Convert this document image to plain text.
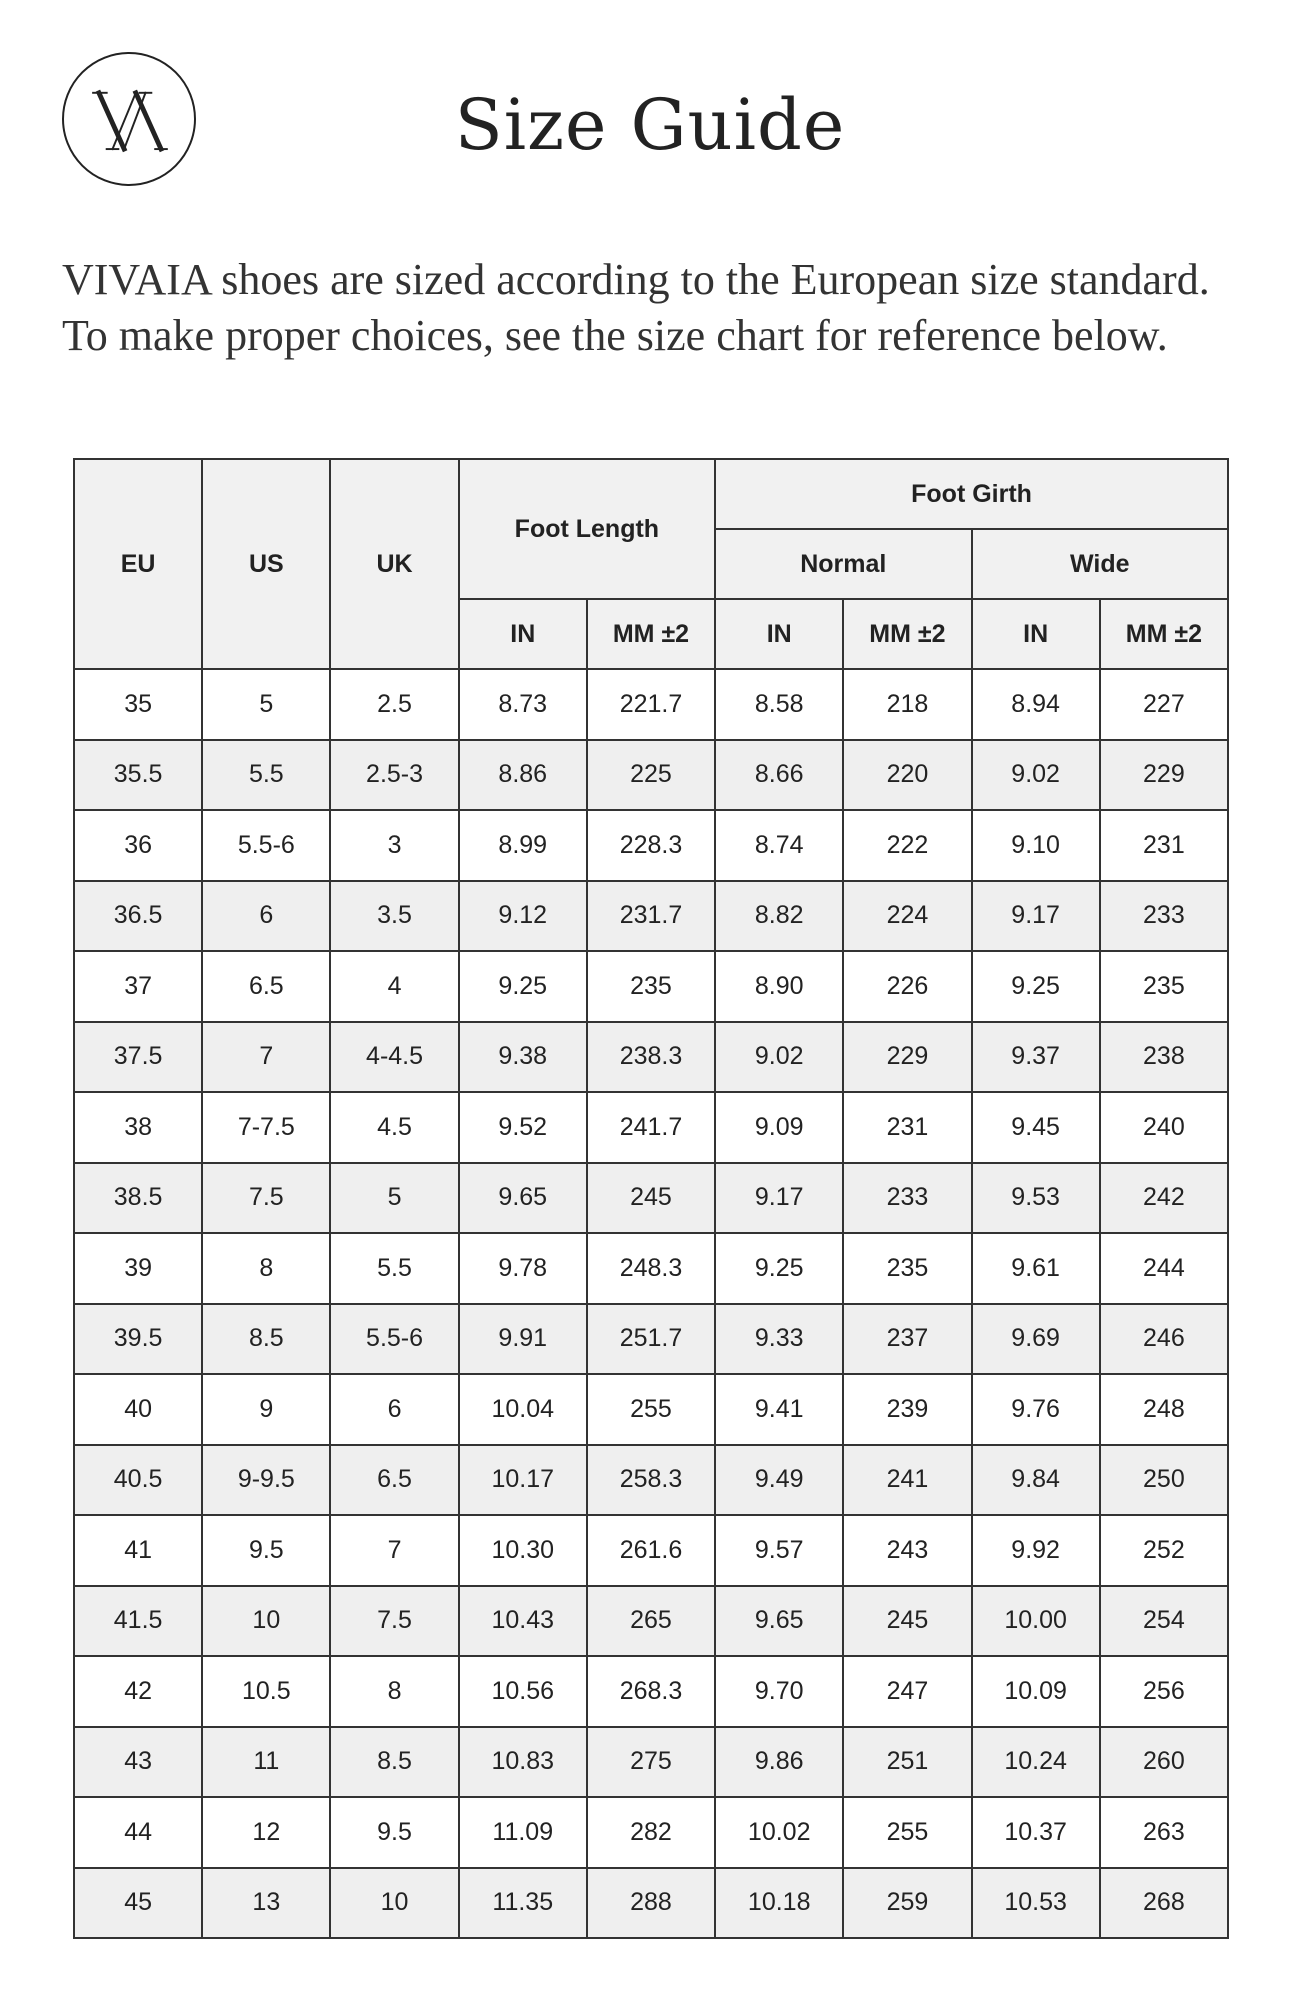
Size Guide

VIVAIA shoes are sized according to the European size standard.

To make proper choices, see the size chart for reference below.

EU	US	UK	Foot Length		Foot Girth			
					Normal		Wide	
			IN	MM ±2	IN	MM ±2	IN	MM ±2
35	5	2.5	8.73	221.7	8.58	218	8.94	227
35.5	5.5	2.5-3	8.86	225	8.66	220	9.02	229
36	5.5-6	3	8.99	228.3	8.74	222	9.10	231
36.5	6	3.5	9.12	231.7	8.82	224	9.17	233
37	6.5	4	9.25	235	8.90	226	9.25	235
37.5	7	4-4.5	9.38	238.3	9.02	229	9.37	238
38	7-7.5	4.5	9.52	241.7	9.09	231	9.45	240
38.5	7.5	5	9.65	245	9.17	233	9.53	242
39	8	5.5	9.78	248.3	9.25	235	9.61	244
39.5	8.5	5.5-6	9.91	251.7	9.33	237	9.69	246
40	9	6	10.04	255	9.41	239	9.76	248
40.5	9-9.5	6.5	10.17	258.3	9.49	241	9.84	250
41	9.5	7	10.30	261.6	9.57	243	9.92	252
41.5	10	7.5	10.43	265	9.65	245	10.00	254
42	10.5	8	10.56	268.3	9.70	247	10.09	256
43	11	8.5	10.83	275	9.86	251	10.24	260
44	12	9.5	11.09	282	10.02	255	10.37	263
45	13	10	11.35	288	10.18	259	10.53	268
